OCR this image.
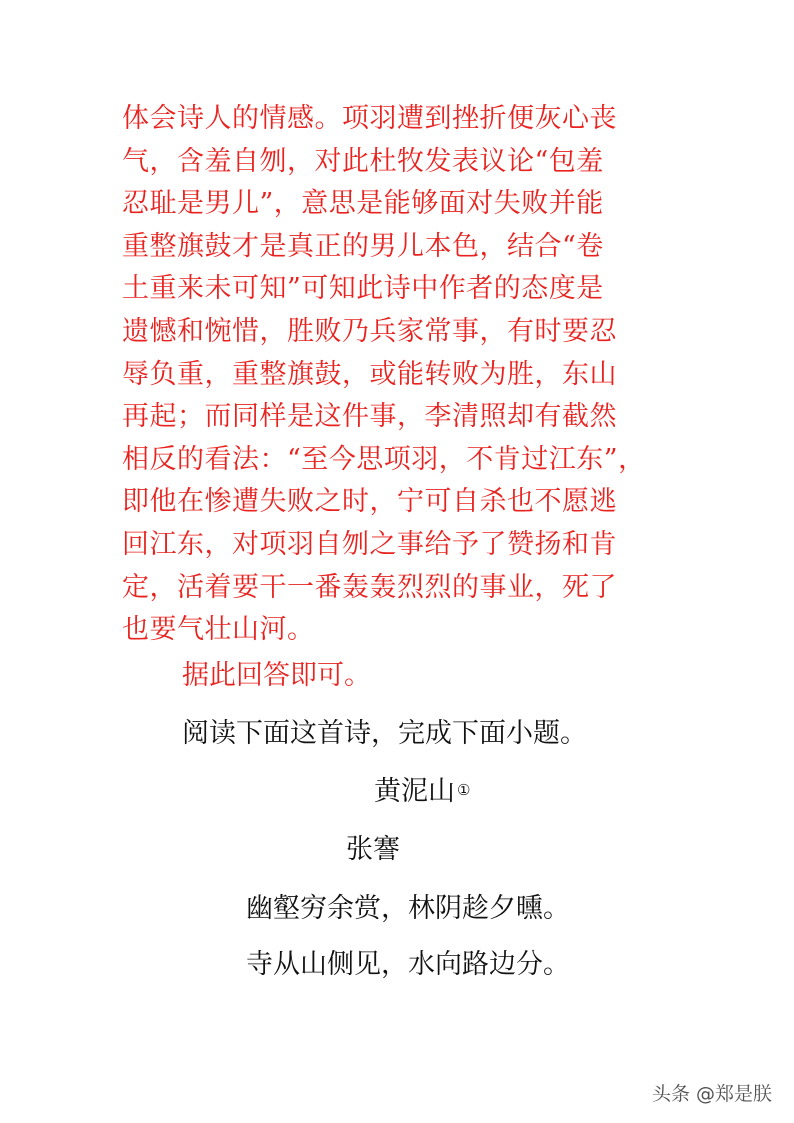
体会诗人的情感。项羽遭到挫折便灰心丧
气，含羞自刎，对此杜牧发表议论“包羞
忍耻是男儿”，意思是能够面对失败并能
重整旗鼓才是真正的男儿本色，结合“卷
土重来未可知”可知此诗中作者的态度是
遗憾和惋惜，胜败乃兵家常事，有时要忍
辱负重，重整旗鼓，或能转败为胜，东山
再起；而同样是这件事，李清照却有截然
相反的看法：“至今思项羽，不肯过江东”，
即他在惨遭失败之时，宁可自杀也不愿逃
回江东，对项羽自刎之事给予了赞扬和肯
定，活着要干一番轰轰烈烈的事业，死了
也要气壮山河。
据此回答即可。
阅读下面这首诗，完成下面小题。
黄泥山 ①
张謇
幽壑穷余赏，林阴趁夕曛。
寺从山侧见，水向路边分。
头条 @郑是朕
